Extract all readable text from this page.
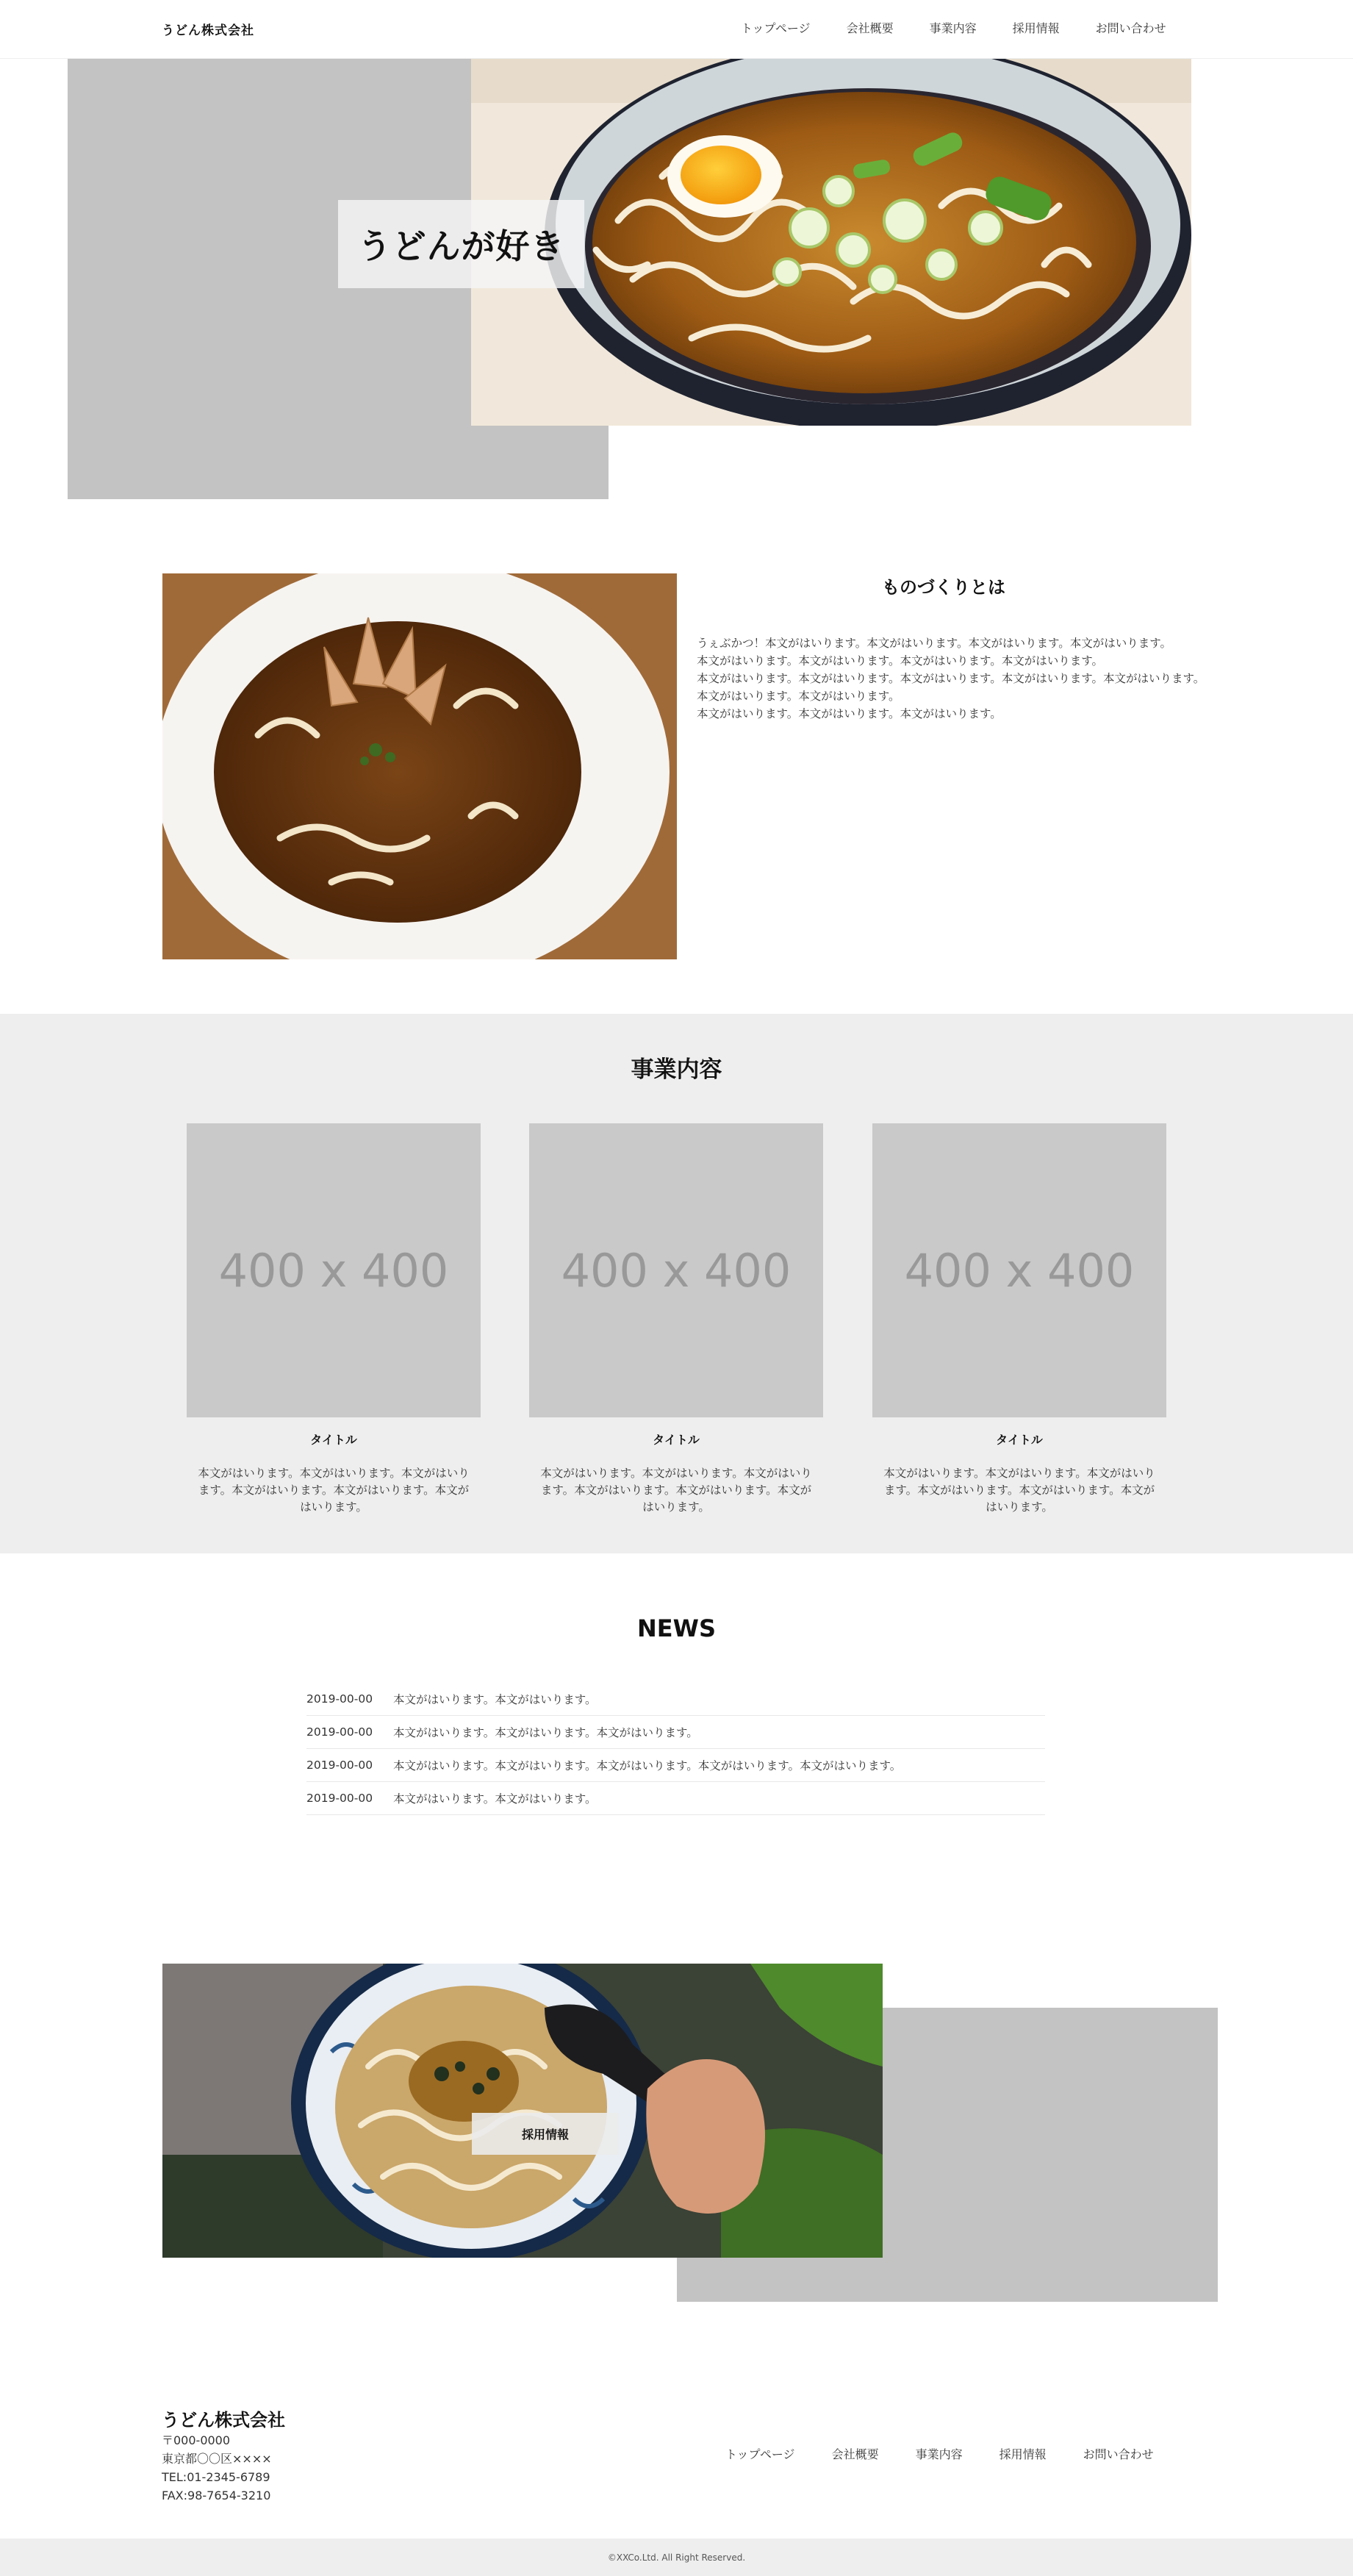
うどん株式会社	トップページ	会社概要	事業内容	採用情報	お問い合わせ
うどんが好き
ものづくりとは

うぇぶかつ！本文がはいります。本文がはいります。本文がはいります。本文がはいります。

本文がはいります。本文がはいります。本文がはいります。本文がはいります。

本文がはいります。本文がはいります。本文がはいります。本文がはいります。本文がはいります。

本文がはいります。本文がはいります。

本文がはいります。本文がはいります。本文がはいります。

事業内容
400 x 400
タイトル
本文がはいります。本文がはいります。本文がはいります。本文がはいります。本文がはいります。本文がはいります。
400 x 400
タイトル
本文がはいります。本文がはいります。本文がはいります。本文がはいります。本文がはいります。本文がはいります。
400 x 400
タイトル
本文がはいります。本文がはいります。本文がはいります。本文がはいります。本文がはいります。本文がはいります。
NEWS
2019-00-00	本文がはいります。本文がはいります。
2019-00-00	本文がはいります。本文がはいります。本文がはいります。
2019-00-00	本文がはいります。本文がはいります。本文がはいります。本文がはいります。本文がはいります。
2019-00-00	本文がはいります。本文がはいります。
採用情報
うどん株式会社
〒000-0000
東京都〇〇区××××
TEL:01-2345-6789
FAX:98-7654-3210
トップページ	会社概要	事業内容	採用情報	お問い合わせ
©XXCo.Ltd. All Right Reserved.
